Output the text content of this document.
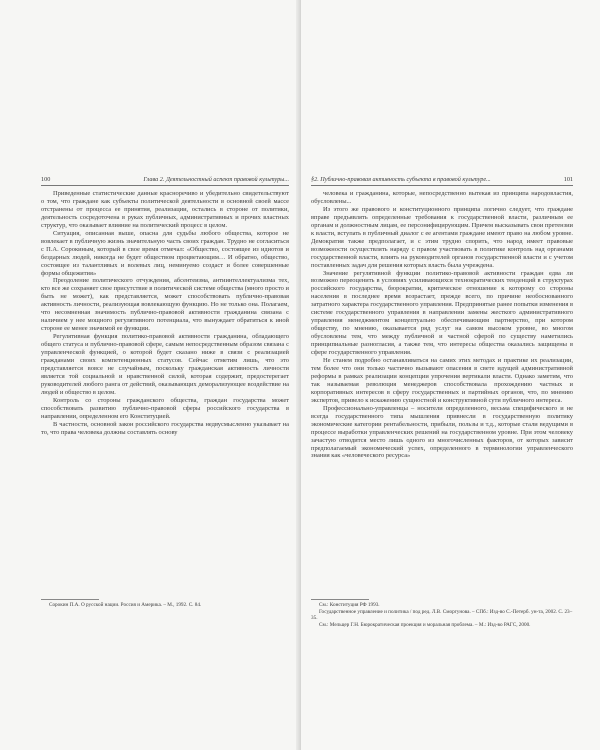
100	Глава 2. Деятельностный аспект правовой культуры...

Приведенные статистические данные красноречиво и убедительно свидетельствуют о том, что граждане как субъекты политической деятельности в основной своей массе отстранены от процесса ее принятия, реализации, остались в стороне от политики, деятельность сосредоточена в руках публичных, административных и прочих властных структур, что оказывает влияние на политический процесс в целом.

Ситуация, описанная выше, опасна для судьбы любого общества, которое не вовлекает в публичную жизнь значительную часть своих граждан. Трудно не согласиться с П.А. Сорокиным, который в свое время отмечал: «Общество, состоящее из идиотов и бездарных людей, никогда не будет обществом процветающим… И обратно, общество, состоящее из талантливых и волевых лиц, неминуемо создаст и более совершенные формы общежития»

Преодоление политического отчуждения, абсентеизма, антиинтеллектуализма тех, кто все же сохраняет свое присутствие в политической системе общества (много просто и быть не может), как представляется, может способствовать публично-правовая активность личности, реализующая вовлекающую функцию. Но не только она. Полагаем, что несомненная значимость публично-правовой активности гражданина связана с наличием у нее мощного регулятивного потенциала, что вынуждает обратиться к иной стороне ее менее значимой ее функции.

Регулятивная функция политико-правовой активности гражданина, обладающего общего статуса и публично-правовой сфере, самым непосредственным образом связана с управленческой функцией, о которой будет сказано ниже в связи с реализацией гражданами своих компетенционных статусов. Сейчас отметим лишь, что это представляется вовсе не случайным, поскольку гражданская активность личности является той социальной и нравственной силой, которая содержит, предостерегает руководителей любого ранга от действий, оказывающих деморализующее воздействие на людей и общество в целом.

Контроль со стороны гражданского общества, граждан государства может способствовать развитию публично-правовой сферы российского государства в направлении, определенном его Конституцией.

В частности, основной закон российского государства недвусмысленно указывает на то, что права человека должны составлять основу

Сорокин П.А. О русской нации. Россия и Америка. – М., 1992. С. 84.

§2. Публично-правовая активность субъекта в правовой культуре...	101

человека и гражданина, которые, непосредственно вытекая из принципа народовластия, обусловлены...

Из этого же правового и конституционного принципа логично следует, что граждане вправе предъявлять определенные требования к государственной власти, различным ее органам и должностным лицам, ее персонифицирующим. Причем высказывать свои претензии к власти, вступать в публичный диалог с ее агентами граждане имеют право на любом уровне. Демократия также предполагает, и с этим трудно спорить, что народ имеет правовые возможности осуществлять наряду с правом участвовать в политике контроль над органами государственной власти, влиять на руководителей органов государственной власти и с учетом поставленных задач для решения которых власть была учреждена.

Значение регулятивной функции политико-правовой активности граждан едва ли возможно переоценить в условиях усиливающихся технократических тенденций в структурах российского государства, бюрократии, критическое отношение к которому со стороны населения в последнее время возрастает, прежде всего, по причине необоснованного затратного характера государственного управления. Предпринятые ранее попытки изменения в системе государственного управления в направлении замены жесткого административного управления менеджментом концептуально обеспечивающим партнерство, при котором обществу, по мнению, оказывается ряд услуг на самом высоком уровне, во многом обусловлены тем, что между публичной и частной сферой по существу наметились принципиальные разногласия, а также тем, что интересы общества оказались защищены в сфере государственного управления.

Не станем подробно останавливаться на самих этих методах и практике их реализации, тем более что они только частично вызывают опасения в свете идущей административной реформы в рамках реализации концепции упрочения вертикали власти. Однако заметим, что так называемая революция менеджеров способствовала прохождению частных и корпоративных интересов в сферу государственных и партийных органов, что, по мнению экспертов, привело к искажению сущностной и конструктивной сути публичного интереса.

Профессионально-управленцы – носители определенного, весьма специфического и не всегда государственного типа мышления привнесли в государственную политику экономические категории рентабельности, прибыли, пользы и т.д., которые стали ведущими в процессе выработки управленческих решений на государственном уровне. При этом человеку зачастую отводится место лишь одного из многочисленных факторов, от которых зависит предполагаемый экономический успех, определенного в терминологии управленческого знания как «человеческого ресурса»

См.: Конституция РФ 1993.

Государственное управление и политика / под ред. Л.В. Сморгунова. – СПб.: Изд-во С.-Петерб. ун-та, 2002. С. 23–35.

См.: Мельцер Г.Н. Бюрократическая проекция и моральная проблема. – М.: Изд-во РАГС, 2000.
